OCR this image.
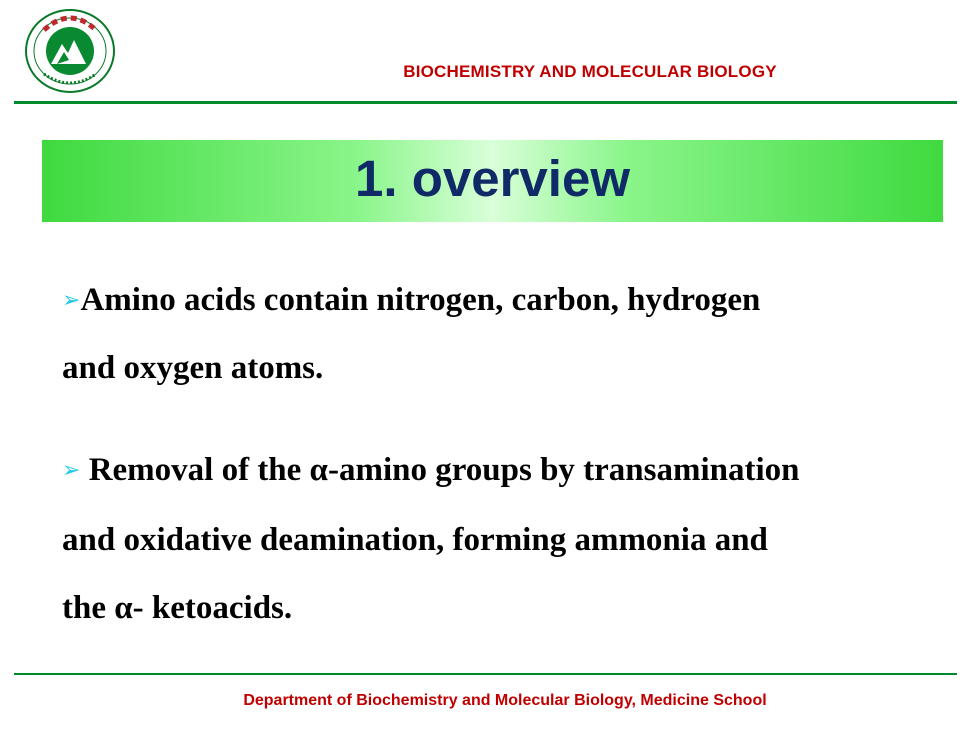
BIOCHEMISTRY AND MOLECULAR BIOLOGY
1. overview
➢Amino acids contain nitrogen, carbon, hydrogen
and oxygen atoms.
➢ Removal of the α-amino groups by transamination
and oxidative deamination, forming ammonia and
the α- ketoacids.
Department of Biochemistry and Molecular Biology, Medicine School
